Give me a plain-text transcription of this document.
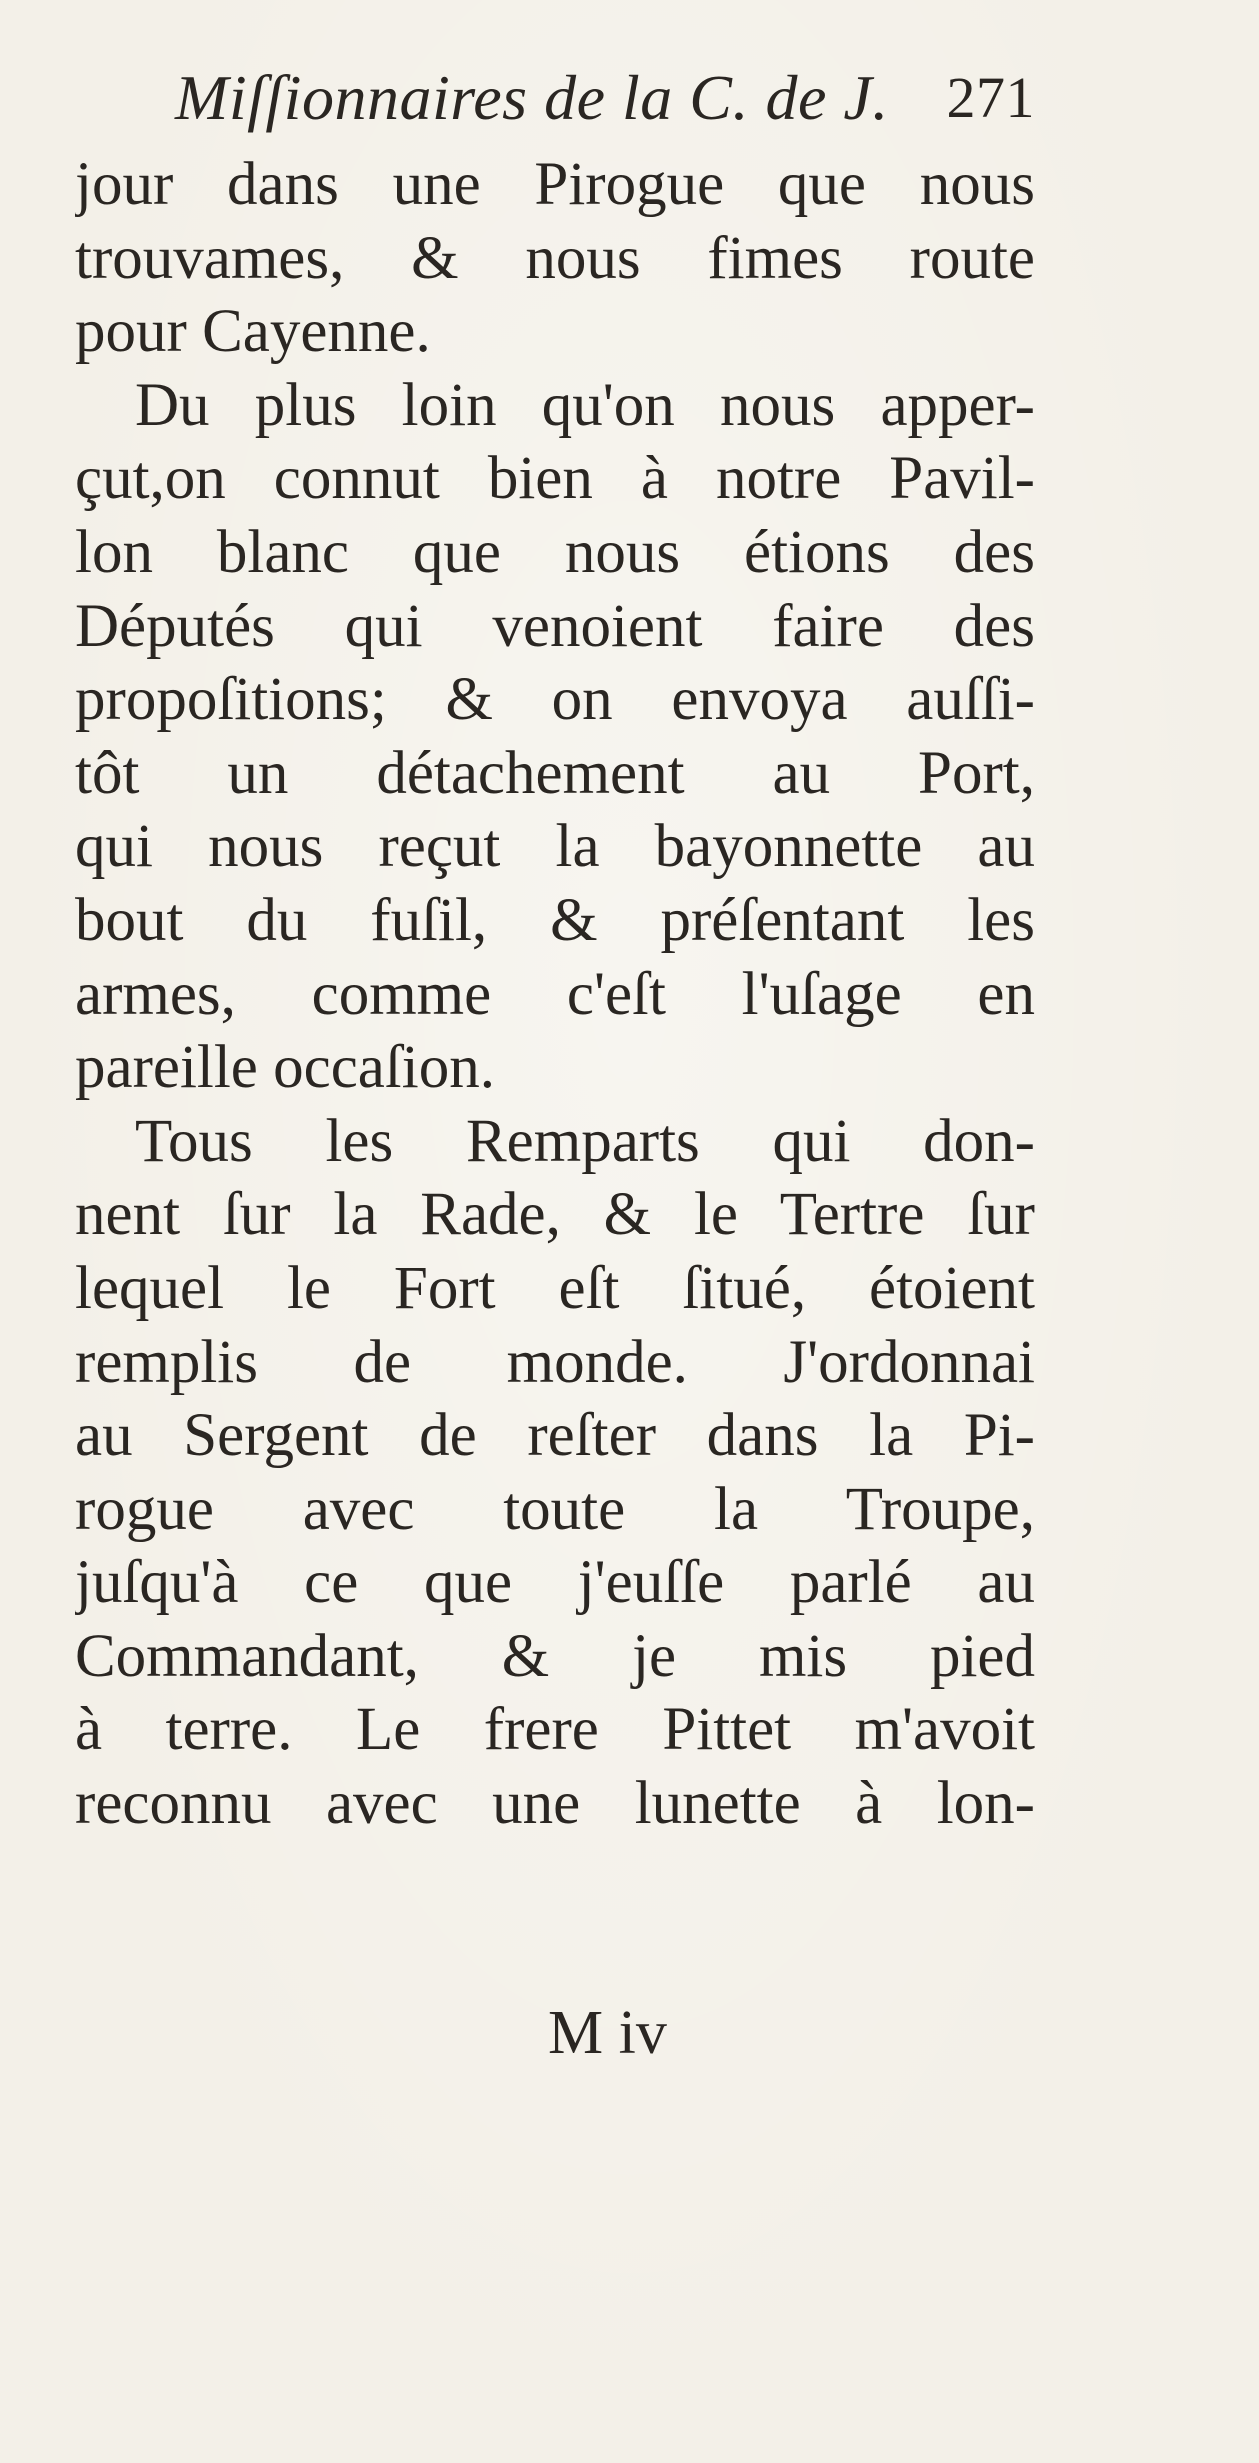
Miſſionnaires de la C. de J. 271
jour dans une Pirogue que nous
trouvames, & nous fimes route
pour Cayenne.
Du plus loin qu'on nous apper-
çut,on connut bien à notre Pavil-
lon blanc que nous étions des
Députés qui venoient faire des
propoſitions; & on envoya auſſi-
tôt un détachement au Port,
qui nous reçut la bayonnette au
bout du fuſil, & préſentant les
armes, comme c'eſt l'uſage en
pareille occaſion.
Tous les Remparts qui don-
nent ſur la Rade, & le Tertre ſur
lequel le Fort eſt ſitué, étoient
remplis de monde. J'ordonnai
au Sergent de reſter dans la Pi-
rogue avec toute la Troupe,
juſqu'à ce que j'euſſe parlé au
Commandant, & je mis pied
à terre. Le frere Pittet m'avoit
reconnu avec une lunette à lon-
M iv
